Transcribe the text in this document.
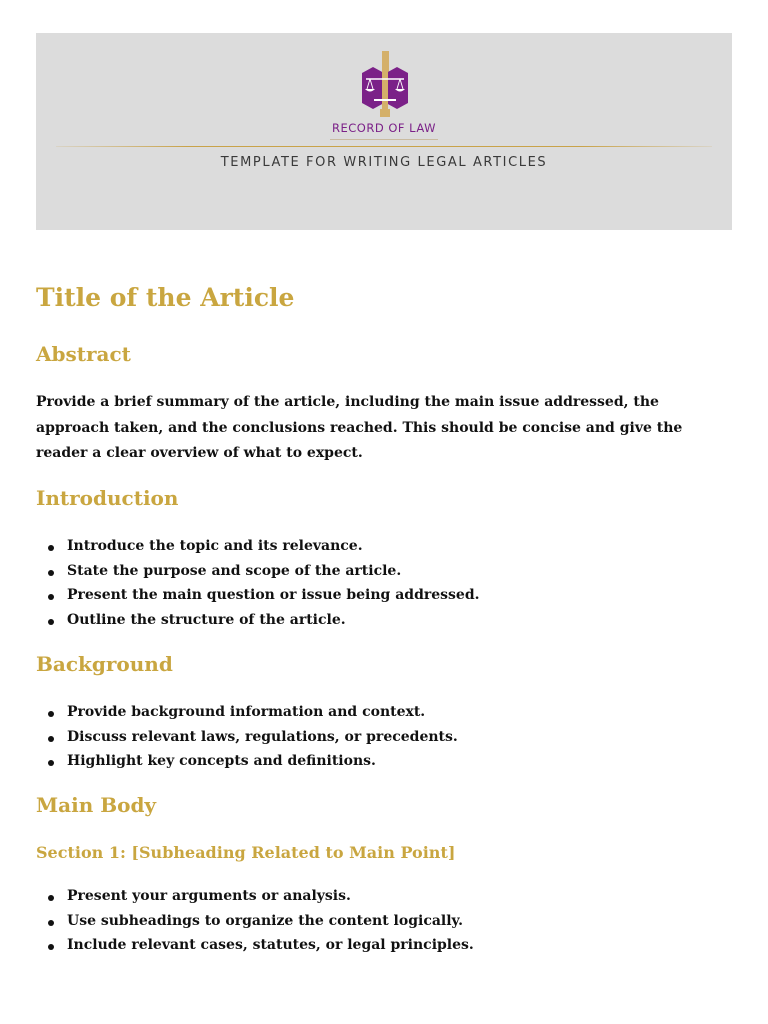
RECORD OF LAW
TEMPLATE FOR WRITING LEGAL ARTICLES
Title of the Article
Abstract

Provide a brief summary of the article, including the main issue addressed, the approach taken, and the conclusions reached. This should be concise and give the reader a clear overview of what to expect.

Introduction
Introduce the topic and its relevance.
State the purpose and scope of the article.
Present the main question or issue being addressed.
Outline the structure of the article.
Background
Provide background information and context.
Discuss relevant laws, regulations, or precedents.
Highlight key concepts and definitions.
Main Body
Section 1: [Subheading Related to Main Point]
Present your arguments or analysis.
Use subheadings to organize the content logically.
Include relevant cases, statutes, or legal principles.
